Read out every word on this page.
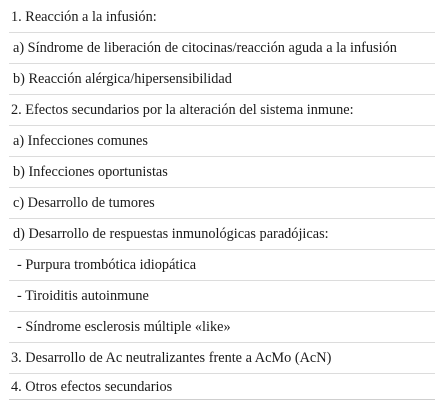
1. Reacción a la infusión:
a) Síndrome de liberación de citocinas/reacción aguda a la infusión
b) Reacción alérgica/hipersensibilidad
2. Efectos secundarios por la alteración del sistema inmune:
a) Infecciones comunes
b) Infecciones oportunistas
c) Desarrollo de tumores
d) Desarrollo de respuestas inmunológicas paradójicas:
- Purpura trombótica idiopática
- Tiroiditis autoinmune
- Síndrome esclerosis múltiple «like»
3. Desarrollo de Ac neutralizantes frente a AcMo (AcN)
4. Otros efectos secundarios
